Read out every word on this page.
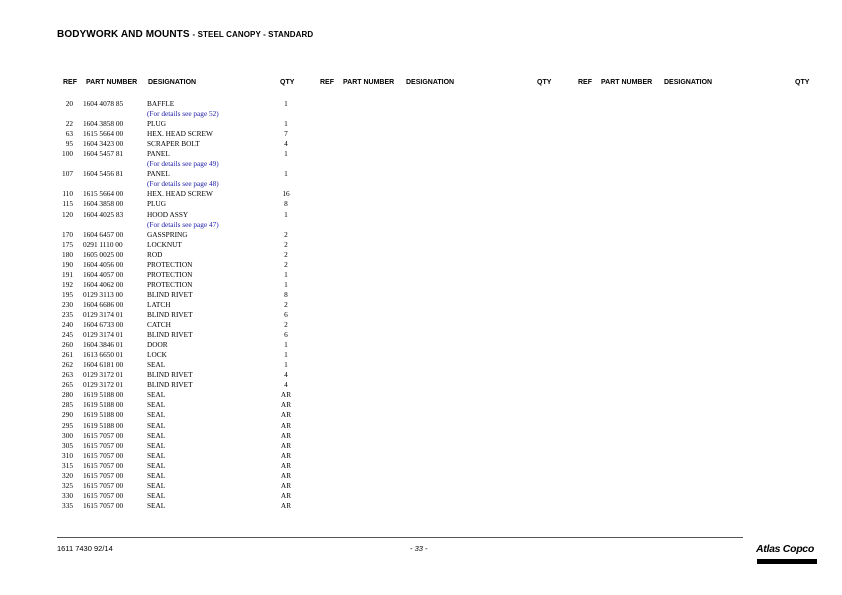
BODYWORK AND MOUNTS - STEEL CANOPY - STANDARD
REF PART NUMBER DESIGNATION	QTY	REF PART NUMBER DESIGNATION	QTY	REF PART NUMBER DESIGNATION	QTY
20 1604 4078 85	BAFFLE	1
(For details see page 52)
22 1604 3858 00	PLUG	1
63 1615 5664 00	HEX. HEAD SCREW	7
95 1604 3423 00	SCRAPER BOLT	4
100 1604 5457 81	PANEL	1
(For details see page 49)
107 1604 5456 81	PANEL	1
(For details see page 48)
110 1615 5664 00	HEX. HEAD SCREW	16
115 1604 3858 00	PLUG	8
120 1604 4025 83	HOOD ASSY	1
(For details see page 47)
170 1604 6457 00	GASSPRING	2
175 0291 1110 00	LOCKNUT	2
180 1605 0025 00	ROD	2
190 1604 4056 00	PROTECTION	2
191 1604 4057 00	PROTECTION	1
192 1604 4062 00	PROTECTION	1
195 0129 3113 00	BLIND RIVET	8
230 1604 6686 00	LATCH	2
235 0129 3174 01	BLIND RIVET	6
240 1604 6733 00	CATCH	2
245 0129 3174 01	BLIND RIVET	6
260 1604 3846 01	DOOR	1
261 1613 6650 01	LOCK	1
262 1604 6181 00	SEAL	1
263 0129 3172 01	BLIND RIVET	4
265 0129 3172 01	BLIND RIVET	4
280 1619 5188 00	SEAL	AR
285 1619 5188 00	SEAL	AR
290 1619 5188 00	SEAL	AR
295 1619 5188 00	SEAL	AR
300 1615 7057 00	SEAL	AR
305 1615 7057 00	SEAL	AR
310 1615 7057 00	SEAL	AR
315 1615 7057 00	SEAL	AR
320 1615 7057 00	SEAL	AR
325 1615 7057 00	SEAL	AR
330 1615 7057 00	SEAL	AR
335 1615 7057 00	SEAL	AR
1611 7430 92/14	- 33 -	Atlas Copco
